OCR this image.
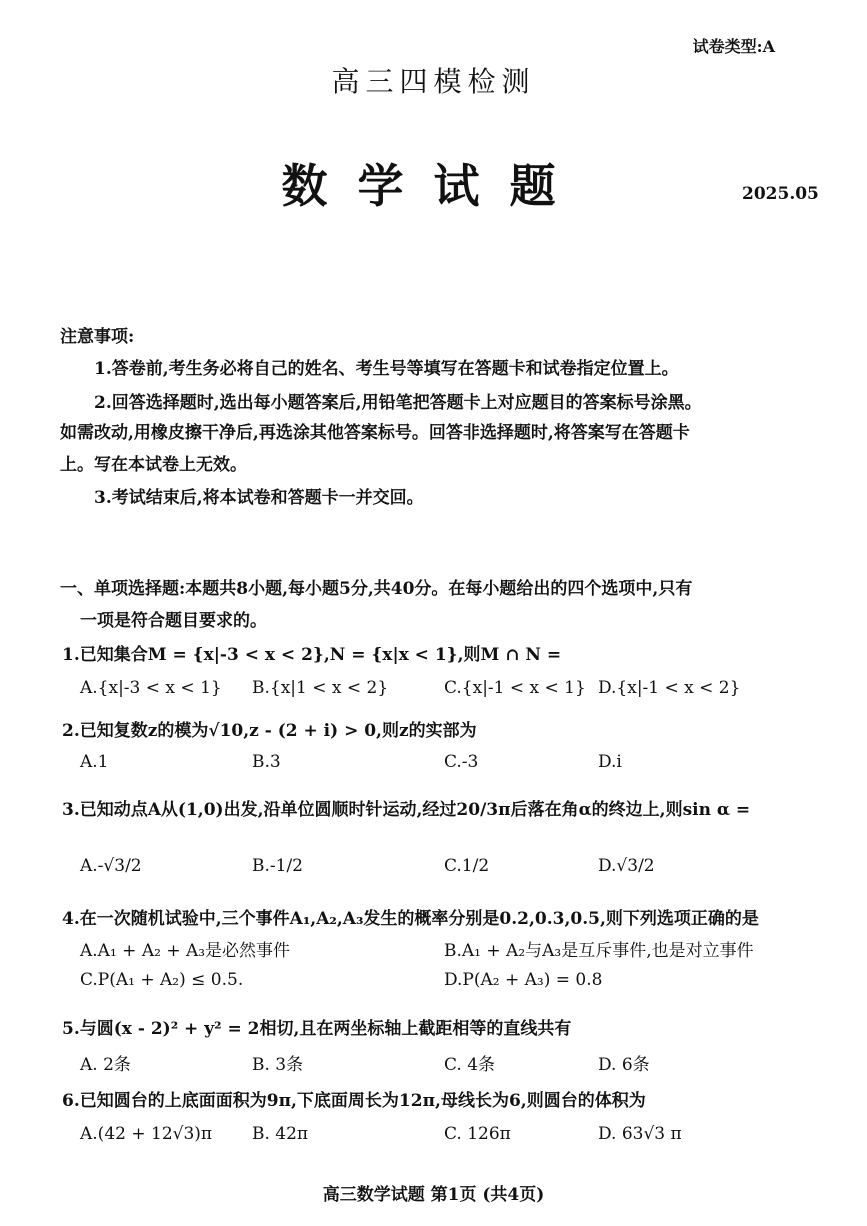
试卷类型:A
高三四模检测
数学试题	2025.05
注意事项:
1.答卷前,考生务必将自己的姓名、考生号等填写在答题卡和试卷指定位置上。
2.回答选择题时,选出每小题答案后,用铅笔把答题卡上对应题目的答案标号涂黑。
如需改动,用橡皮擦干净后,再选涂其他答案标号。回答非选择题时,将答案写在答题卡
上。写在本试卷上无效。
3.考试结束后,将本试卷和答题卡一并交回。
一、单项选择题:本题共8小题,每小题5分,共40分。在每小题给出的四个选项中,只有
一项是符合题目要求的。
1.已知集合M = {x|-3 < x < 2},N = {x|x < 1},则M ∩ N =
A.{x|-3 < x < 1} B.{x|1 < x < 2}	C.{x|-1 < x < 1} D.{x|-1 < x < 2}
2.已知复数z的模为√10,z - (2 + i) > 0,则z的实部为
A.1	B.3	C.-3	D.i
3.已知动点A从(1,0)出发,沿单位圆顺时针运动,经过20/3π后落在角α的终边上,则sin α =
A.-√3/2	B.-1/2	C.1/2	D.√3/2
4.在一次随机试验中,三个事件A₁,A₂,A₃发生的概率分别是0.2,0.3,0.5,则下列选项正确的是
A.A₁ + A₂ + A₃是必然事件	B.A₁ + A₂与A₃是互斥事件,也是对立事件
C.P(A₁ + A₂) ≤ 0.5.	D.P(A₂ + A₃) = 0.8
5.与圆(x - 2)² + y² = 2相切,且在两坐标轴上截距相等的直线共有
A. 2条	B. 3条	C. 4条	D. 6条
6.已知圆台的上底面面积为9π,下底面周长为12π,母线长为6,则圆台的体积为
A.(42 + 12√3)π B. 42π	C. 126π	D. 63√3 π
高三数学试题 第1页 (共4页)
